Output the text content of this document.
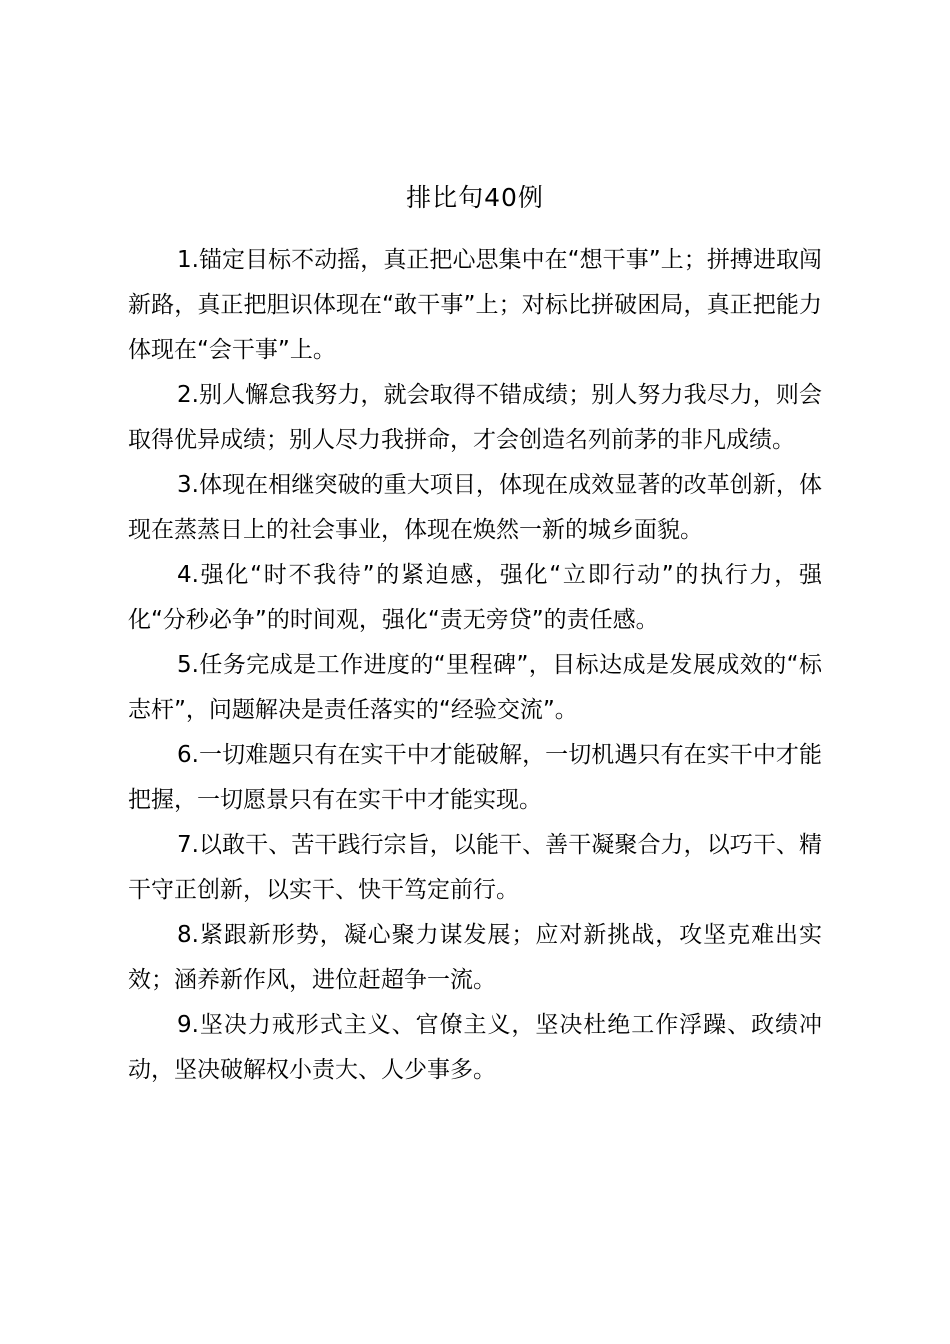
排比句40例

1.锚定目标不动摇，真正把心思集中在“想干事”上；拼搏进取闯新路，真正把胆识体现在“敢干事”上；对标比拼破困局，真正把能力体现在“会干事”上。

2.别人懈怠我努力，就会取得不错成绩；别人努力我尽力，则会取得优异成绩；别人尽力我拼命，才会创造名列前茅的非凡成绩。

3.体现在相继突破的重大项目，体现在成效显著的改革创新，体现在蒸蒸日上的社会事业，体现在焕然一新的城乡面貌。

4.强化“时不我待”的紧迫感，强化“立即行动”的执行力，强化“分秒必争”的时间观，强化“责无旁贷”的责任感。

5.任务完成是工作进度的“里程碑”，目标达成是发展成效的“标志杆”，问题解决是责任落实的“经验交流”。

6.一切难题只有在实干中才能破解，一切机遇只有在实干中才能把握，一切愿景只有在实干中才能实现。

7.以敢干、苦干践行宗旨，以能干、善干凝聚合力，以巧干、精干守正创新，以实干、快干笃定前行。

8.紧跟新形势，凝心聚力谋发展；应对新挑战，攻坚克难出实效；涵养新作风，进位赶超争一流。

9.坚决力戒形式主义、官僚主义，坚决杜绝工作浮躁、政绩冲动，坚决破解权小责大、人少事多。
